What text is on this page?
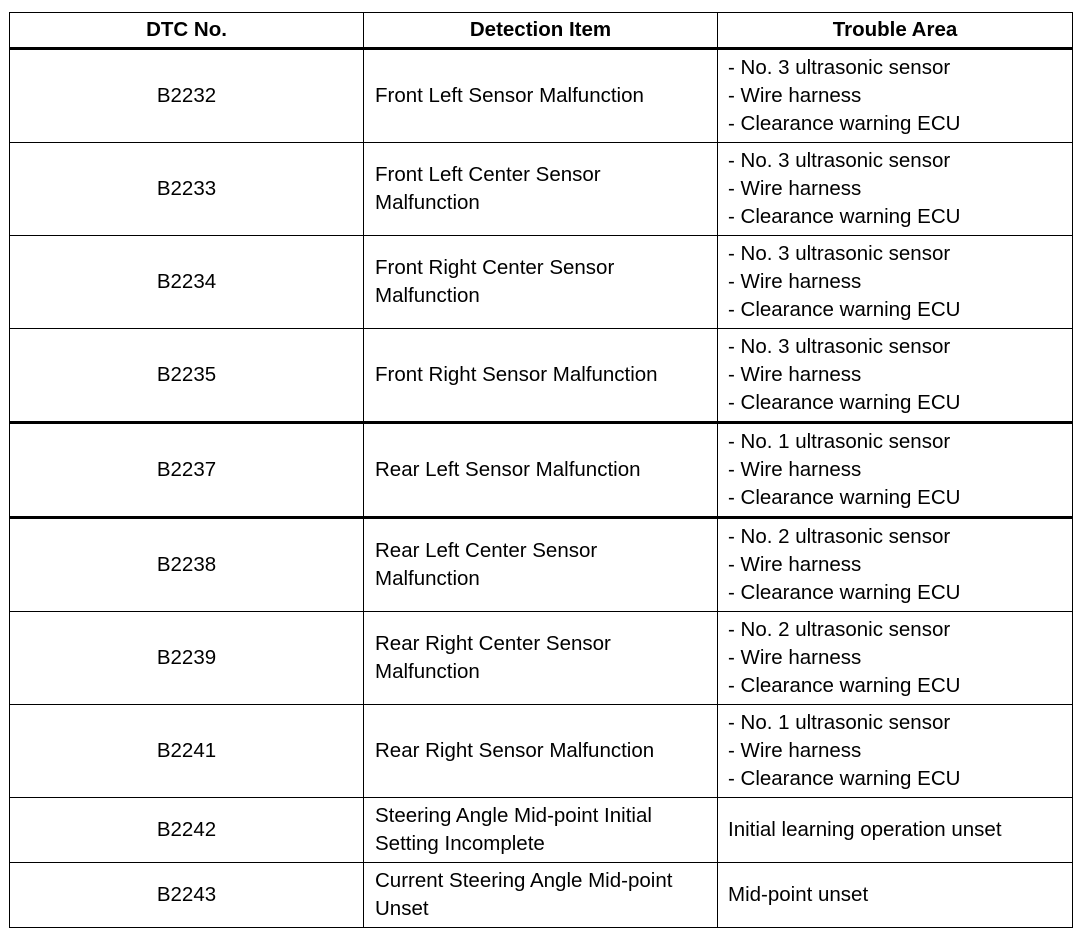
DTC No.	Detection Item	Trouble Area
B2232	Front Left Sensor Malfunction	- No. 3 ultrasonic sensor
- Wire harness
- Clearance warning ECU

B2233	Front Left Center Sensor
Malfunction	- No. 3 ultrasonic sensor
- Wire harness
- Clearance warning ECU

B2234	Front Right Center Sensor
Malfunction	- No. 3 ultrasonic sensor
- Wire harness
- Clearance warning ECU

B2235	Front Right Sensor Malfunction	- No. 3 ultrasonic sensor
- Wire harness
- Clearance warning ECU

B2237	Rear Left Sensor Malfunction	- No. 1 ultrasonic sensor
- Wire harness
- Clearance warning ECU

B2238	Rear Left Center Sensor
Malfunction	- No. 2 ultrasonic sensor
- Wire harness
- Clearance warning ECU

B2239	Rear Right Center Sensor
Malfunction	- No. 2 ultrasonic sensor
- Wire harness
- Clearance warning ECU

B2241	Rear Right Sensor Malfunction	- No. 1 ultrasonic sensor
- Wire harness
- Clearance warning ECU

B2242	Steering Angle Mid-point Initial
Setting Incomplete	Initial learning operation unset

B2243	Current Steering Angle Mid-point
Unset	Mid-point unset
